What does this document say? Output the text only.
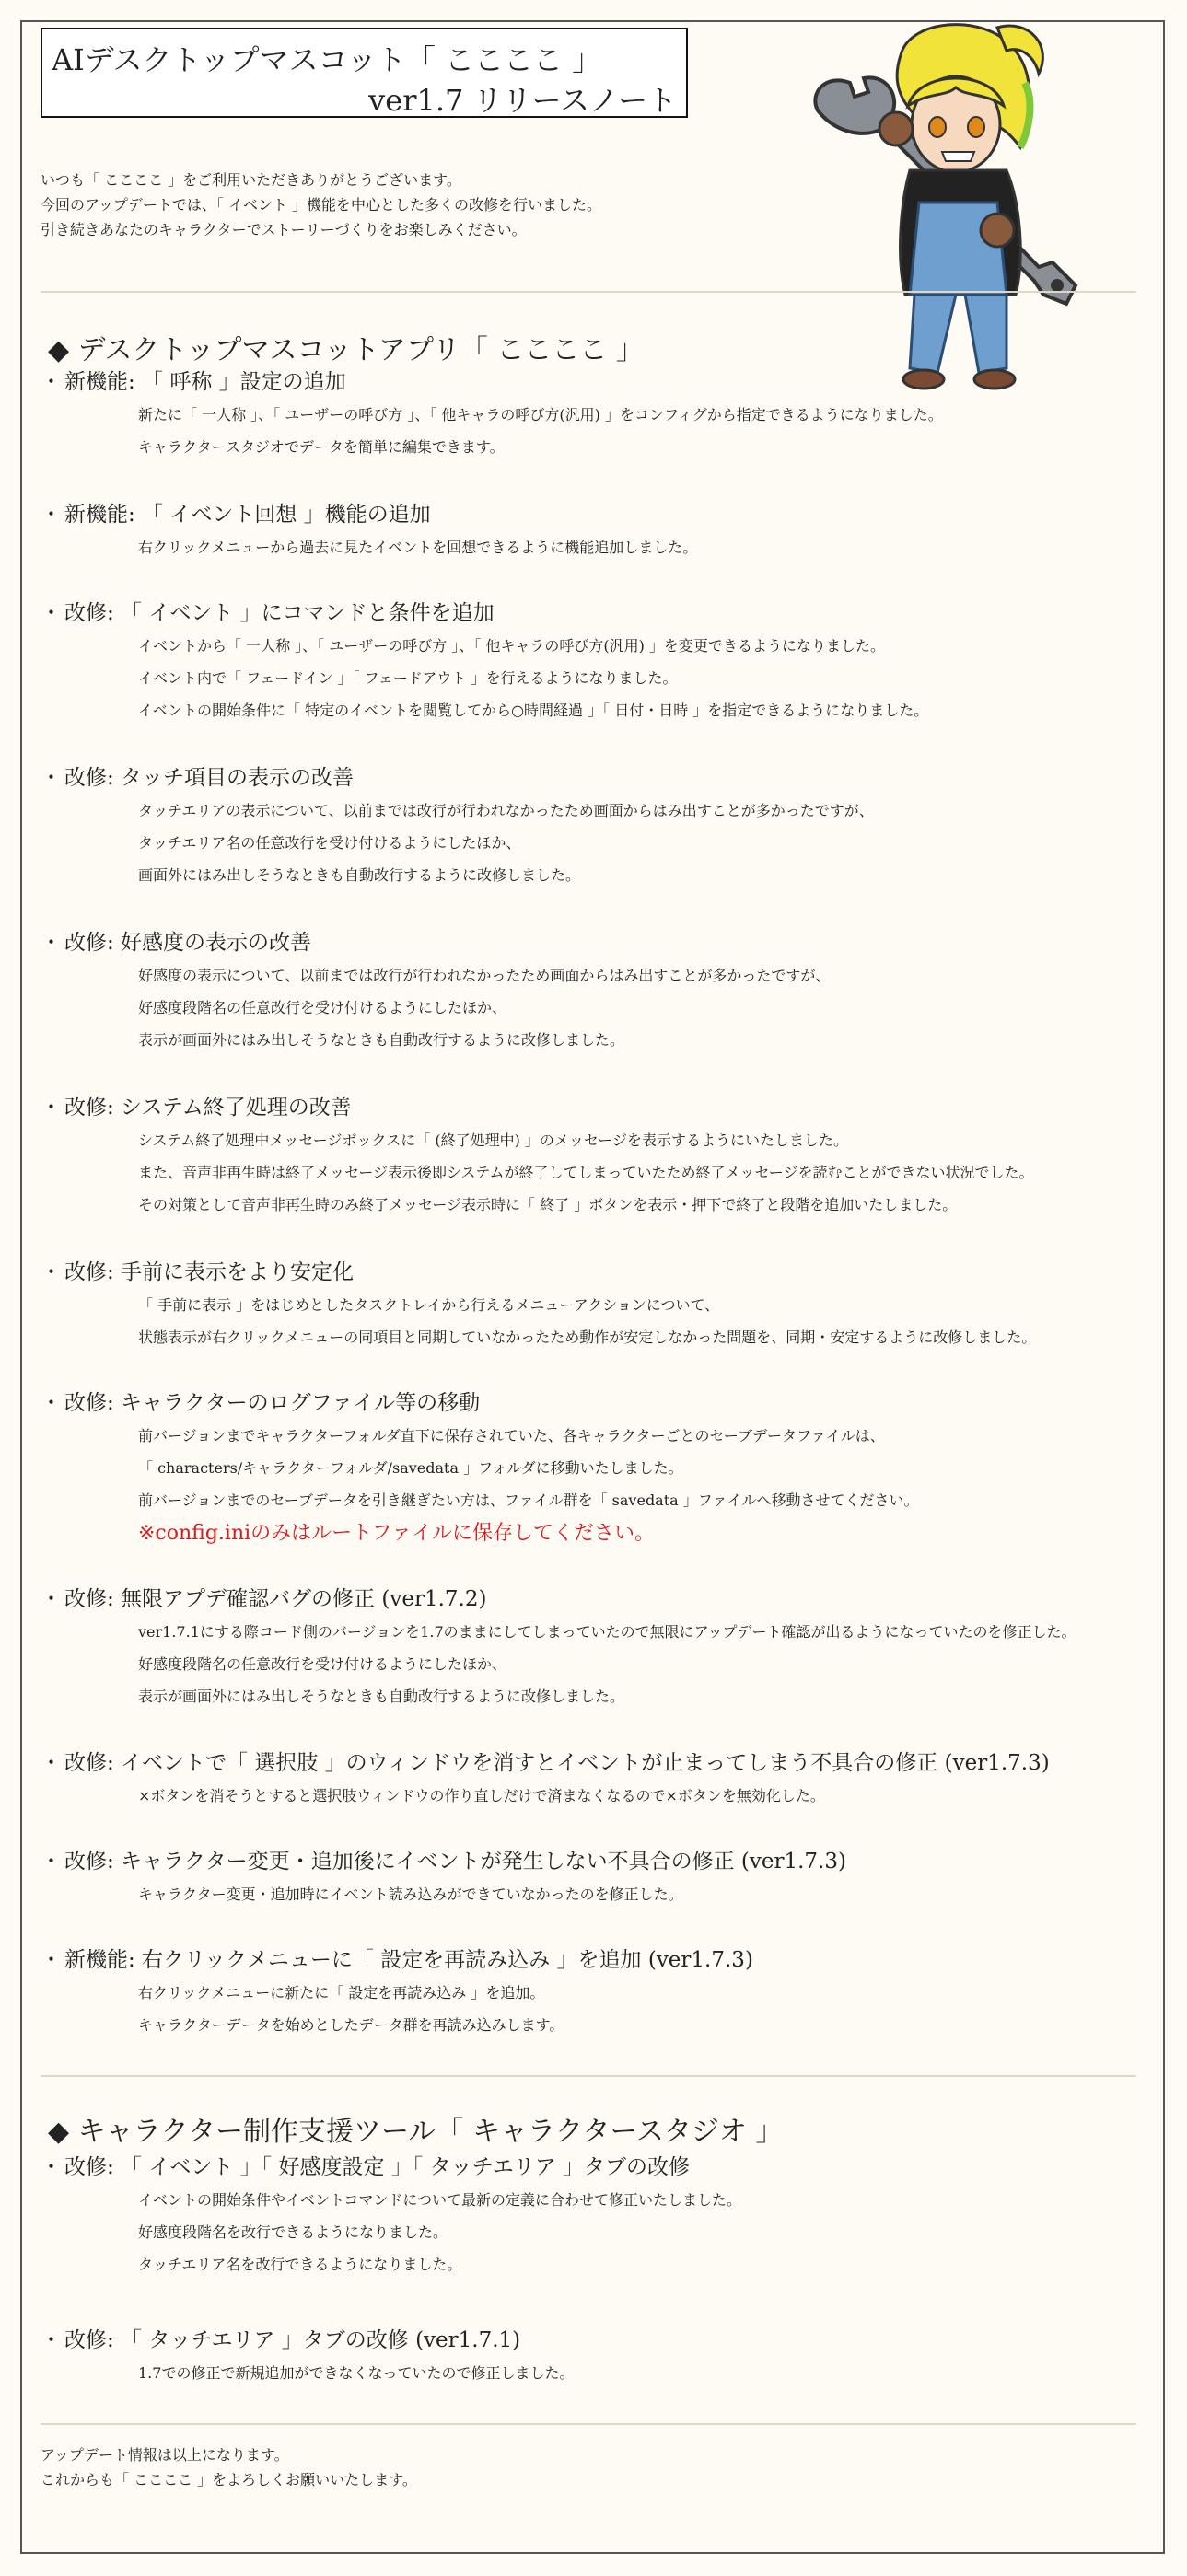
AIデスクトップマスコット「 ここここ 」
ver1.7 リリースノート
いつも「 ここここ 」をご利用いただきありがとうございます。
今回のアップデートでは、「 イベント 」機能を中心とした多くの改修を行いました。
引き続きあなたのキャラクターでストーリーづくりをお楽しみください。
◆ デスクトップマスコットアプリ「 ここここ 」
・ 新機能: 「 呼称 」設定の追加
新たに「 一人称 」、「 ユーザーの呼び方 」、「 他キャラの呼び方(汎用) 」をコンフィグから指定できるようになりました。
キャラクタースタジオでデータを簡単に編集できます。
・ 新機能: 「 イベント回想 」機能の追加
右クリックメニューから過去に見たイベントを回想できるように機能追加しました。
・ 改修: 「 イベント 」にコマンドと条件を追加
イベントから「 一人称 」、「 ユーザーの呼び方 」、「 他キャラの呼び方(汎用) 」を変更できるようになりました。
イベント内で「 フェードイン 」「 フェードアウト 」を行えるようになりました。
イベントの開始条件に「 特定のイベントを閲覧してから○時間経過 」「 日付・日時 」を指定できるようになりました。
・ 改修: タッチ項目の表示の改善
タッチエリアの表示について、以前までは改行が行われなかったため画面からはみ出すことが多かったですが、
タッチエリア名の任意改行を受け付けるようにしたほか、
画面外にはみ出しそうなときも自動改行するように改修しました。
・ 改修: 好感度の表示の改善
好感度の表示について、以前までは改行が行われなかったため画面からはみ出すことが多かったですが、
好感度段階名の任意改行を受け付けるようにしたほか、
表示が画面外にはみ出しそうなときも自動改行するように改修しました。
・ 改修: システム終了処理の改善
システム終了処理中メッセージボックスに「 (終了処理中) 」のメッセージを表示するようにいたしました。
また、音声非再生時は終了メッセージ表示後即システムが終了してしまっていたため終了メッセージを読むことができない状況でした。
その対策として音声非再生時のみ終了メッセージ表示時に「 終了 」ボタンを表示・押下で終了と段階を追加いたしました。
・ 改修: 手前に表示をより安定化
「 手前に表示 」をはじめとしたタスクトレイから行えるメニューアクションについて、
状態表示が右クリックメニューの同項目と同期していなかったため動作が安定しなかった問題を、同期・安定するように改修しました。
・ 改修: キャラクターのログファイル等の移動
前バージョンまでキャラクターフォルダ直下に保存されていた、各キャラクターごとのセーブデータファイルは、
「 characters/キャラクターフォルダ/savedata 」フォルダに移動いたしました。
前バージョンまでのセーブデータを引き継ぎたい方は、ファイル群を「 savedata 」ファイルへ移動させてください。
※config.iniのみはルートファイルに保存してください。
・ 改修: 無限アプデ確認バグの修正 (ver1.7.2)
ver1.7.1にする際コード側のバージョンを1.7のままにしてしまっていたので無限にアップデート確認が出るようになっていたのを修正した。
好感度段階名の任意改行を受け付けるようにしたほか、
表示が画面外にはみ出しそうなときも自動改行するように改修しました。
・ 改修: イベントで「 選択肢 」のウィンドウを消すとイベントが止まってしまう不具合の修正 (ver1.7.3)
×ボタンを消そうとすると選択肢ウィンドウの作り直しだけで済まなくなるので×ボタンを無効化した。
・ 改修: キャラクター変更・追加後にイベントが発生しない不具合の修正 (ver1.7.3)
キャラクター変更・追加時にイベント読み込みができていなかったのを修正した。
・ 新機能: 右クリックメニューに「 設定を再読み込み 」を追加 (ver1.7.3)
右クリックメニューに新たに「 設定を再読み込み 」を追加。
キャラクターデータを始めとしたデータ群を再読み込みします。
◆ キャラクター制作支援ツール「 キャラクタースタジオ 」
・ 改修: 「 イベント 」「 好感度設定 」「 タッチエリア 」タブの改修
イベントの開始条件やイベントコマンドについて最新の定義に合わせて修正いたしました。
好感度段階名を改行できるようになりました。
タッチエリア名を改行できるようになりました。
・ 改修: 「 タッチエリア 」タブの改修 (ver1.7.1)
1.7での修正で新規追加ができなくなっていたので修正しました。
アップデート情報は以上になります。
これからも「 ここここ 」をよろしくお願いいたします。
